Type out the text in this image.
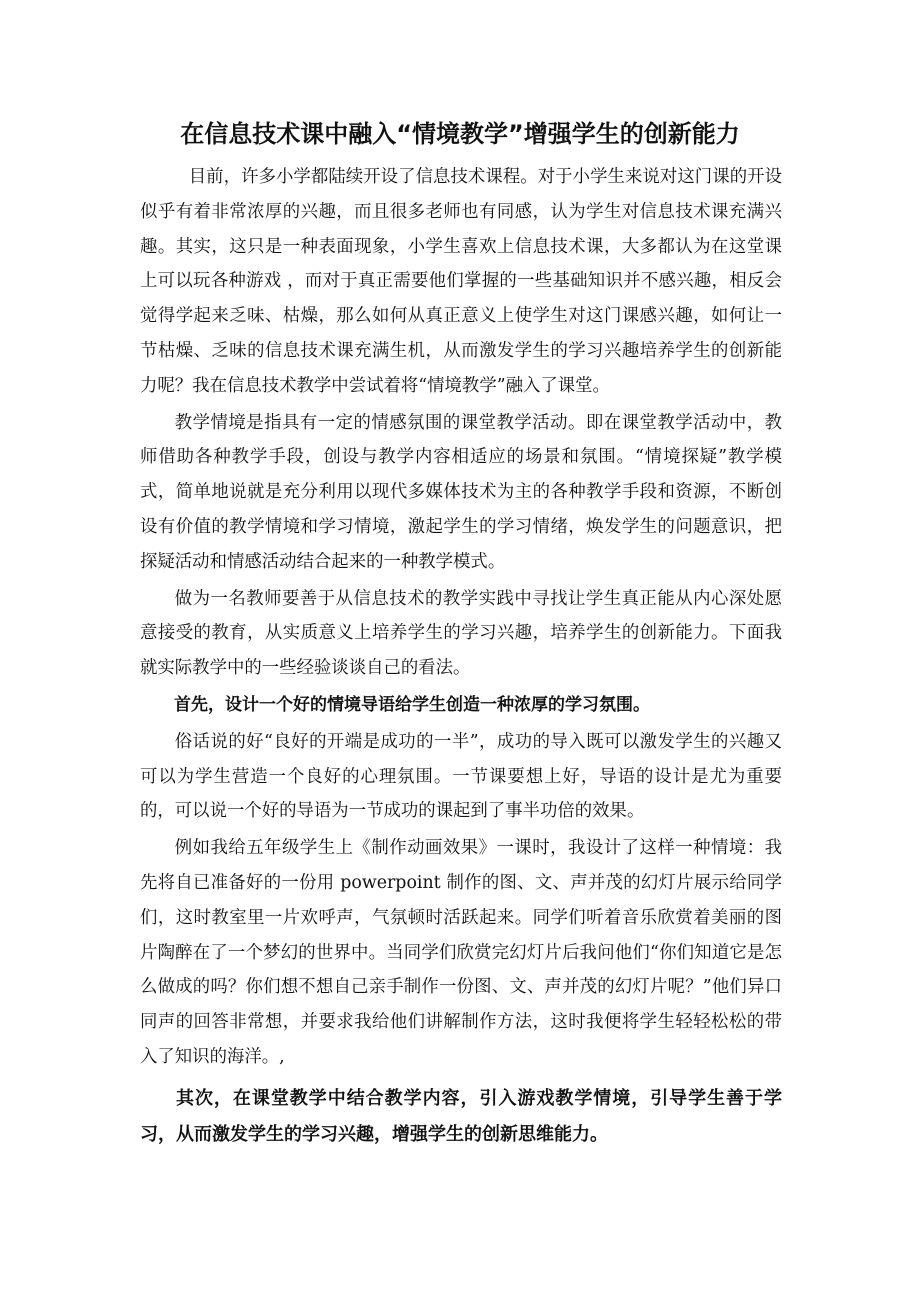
在信息技术课中融入“情境教学”增强学生的创新能力

目前，许多小学都陆续开设了信息技术课程。对于小学生来说对这门课的开设似乎有着非常浓厚的兴趣，而且很多老师也有同感，认为学生对信息技术课充满兴趣。其实，这只是一种表面现象，小学生喜欢上信息技术课，大多都认为在这堂课上可以玩各种游戏 ，而对于真正需要他们掌握的一些基础知识并不感兴趣，相反会觉得学起来乏味、枯燥，那么如何从真正意义上使学生对这门课感兴趣，如何让一节枯燥、乏味的信息技术课充满生机，从而激发学生的学习兴趣培养学生的创新能力呢？我在信息技术教学中尝试着将“情境教学”融入了课堂。

教学情境是指具有一定的情感氛围的课堂教学活动。即在课堂教学活动中，教师借助各种教学手段，创设与教学内容相适应的场景和氛围。“情境探疑”教学模式，简单地说就是充分利用以现代多媒体技术为主的各种教学手段和资源，不断创设有价值的教学情境和学习情境，激起学生的学习情绪，焕发学生的问题意识，把探疑活动和情感活动结合起来的一种教学模式。

做为一名教师要善于从信息技术的教学实践中寻找让学生真正能从内心深处愿意接受的教育，从实质意义上培养学生的学习兴趣，培养学生的创新能力。下面我就实际教学中的一些经验谈谈自己的看法。

首先，设计一个好的情境导语给学生创造一种浓厚的学习氛围。

俗话说的好“良好的开端是成功的一半”，成功的导入既可以激发学生的兴趣又可以为学生营造一个良好的心理氛围。一节课要想上好，导语的设计是尤为重要的，可以说一个好的导语为一节成功的课起到了事半功倍的效果。

例如我给五年级学生上《制作动画效果》一课时，我设计了这样一种情境：我先将自已准备好的一份用 powerpoint 制作的图、文、声并茂的幻灯片展示给同学们，这时教室里一片欢呼声，气氛顿时活跃起来。同学们听着音乐欣赏着美丽的图片陶醉在了一个梦幻的世界中。当同学们欣赏完幻灯片后我问他们“你们知道它是怎么做成的吗？你们想不想自己亲手制作一份图、文、声并茂的幻灯片呢？”他们异口同声的回答非常想，并要求我给他们讲解制作方法，这时我便将学生轻轻松松的带入了知识的海洋。,

其次，在课堂教学中结合教学内容，引入游戏教学情境，引导学生善于学习，从而激发学生的学习兴趣，增强学生的创新思维能力。
